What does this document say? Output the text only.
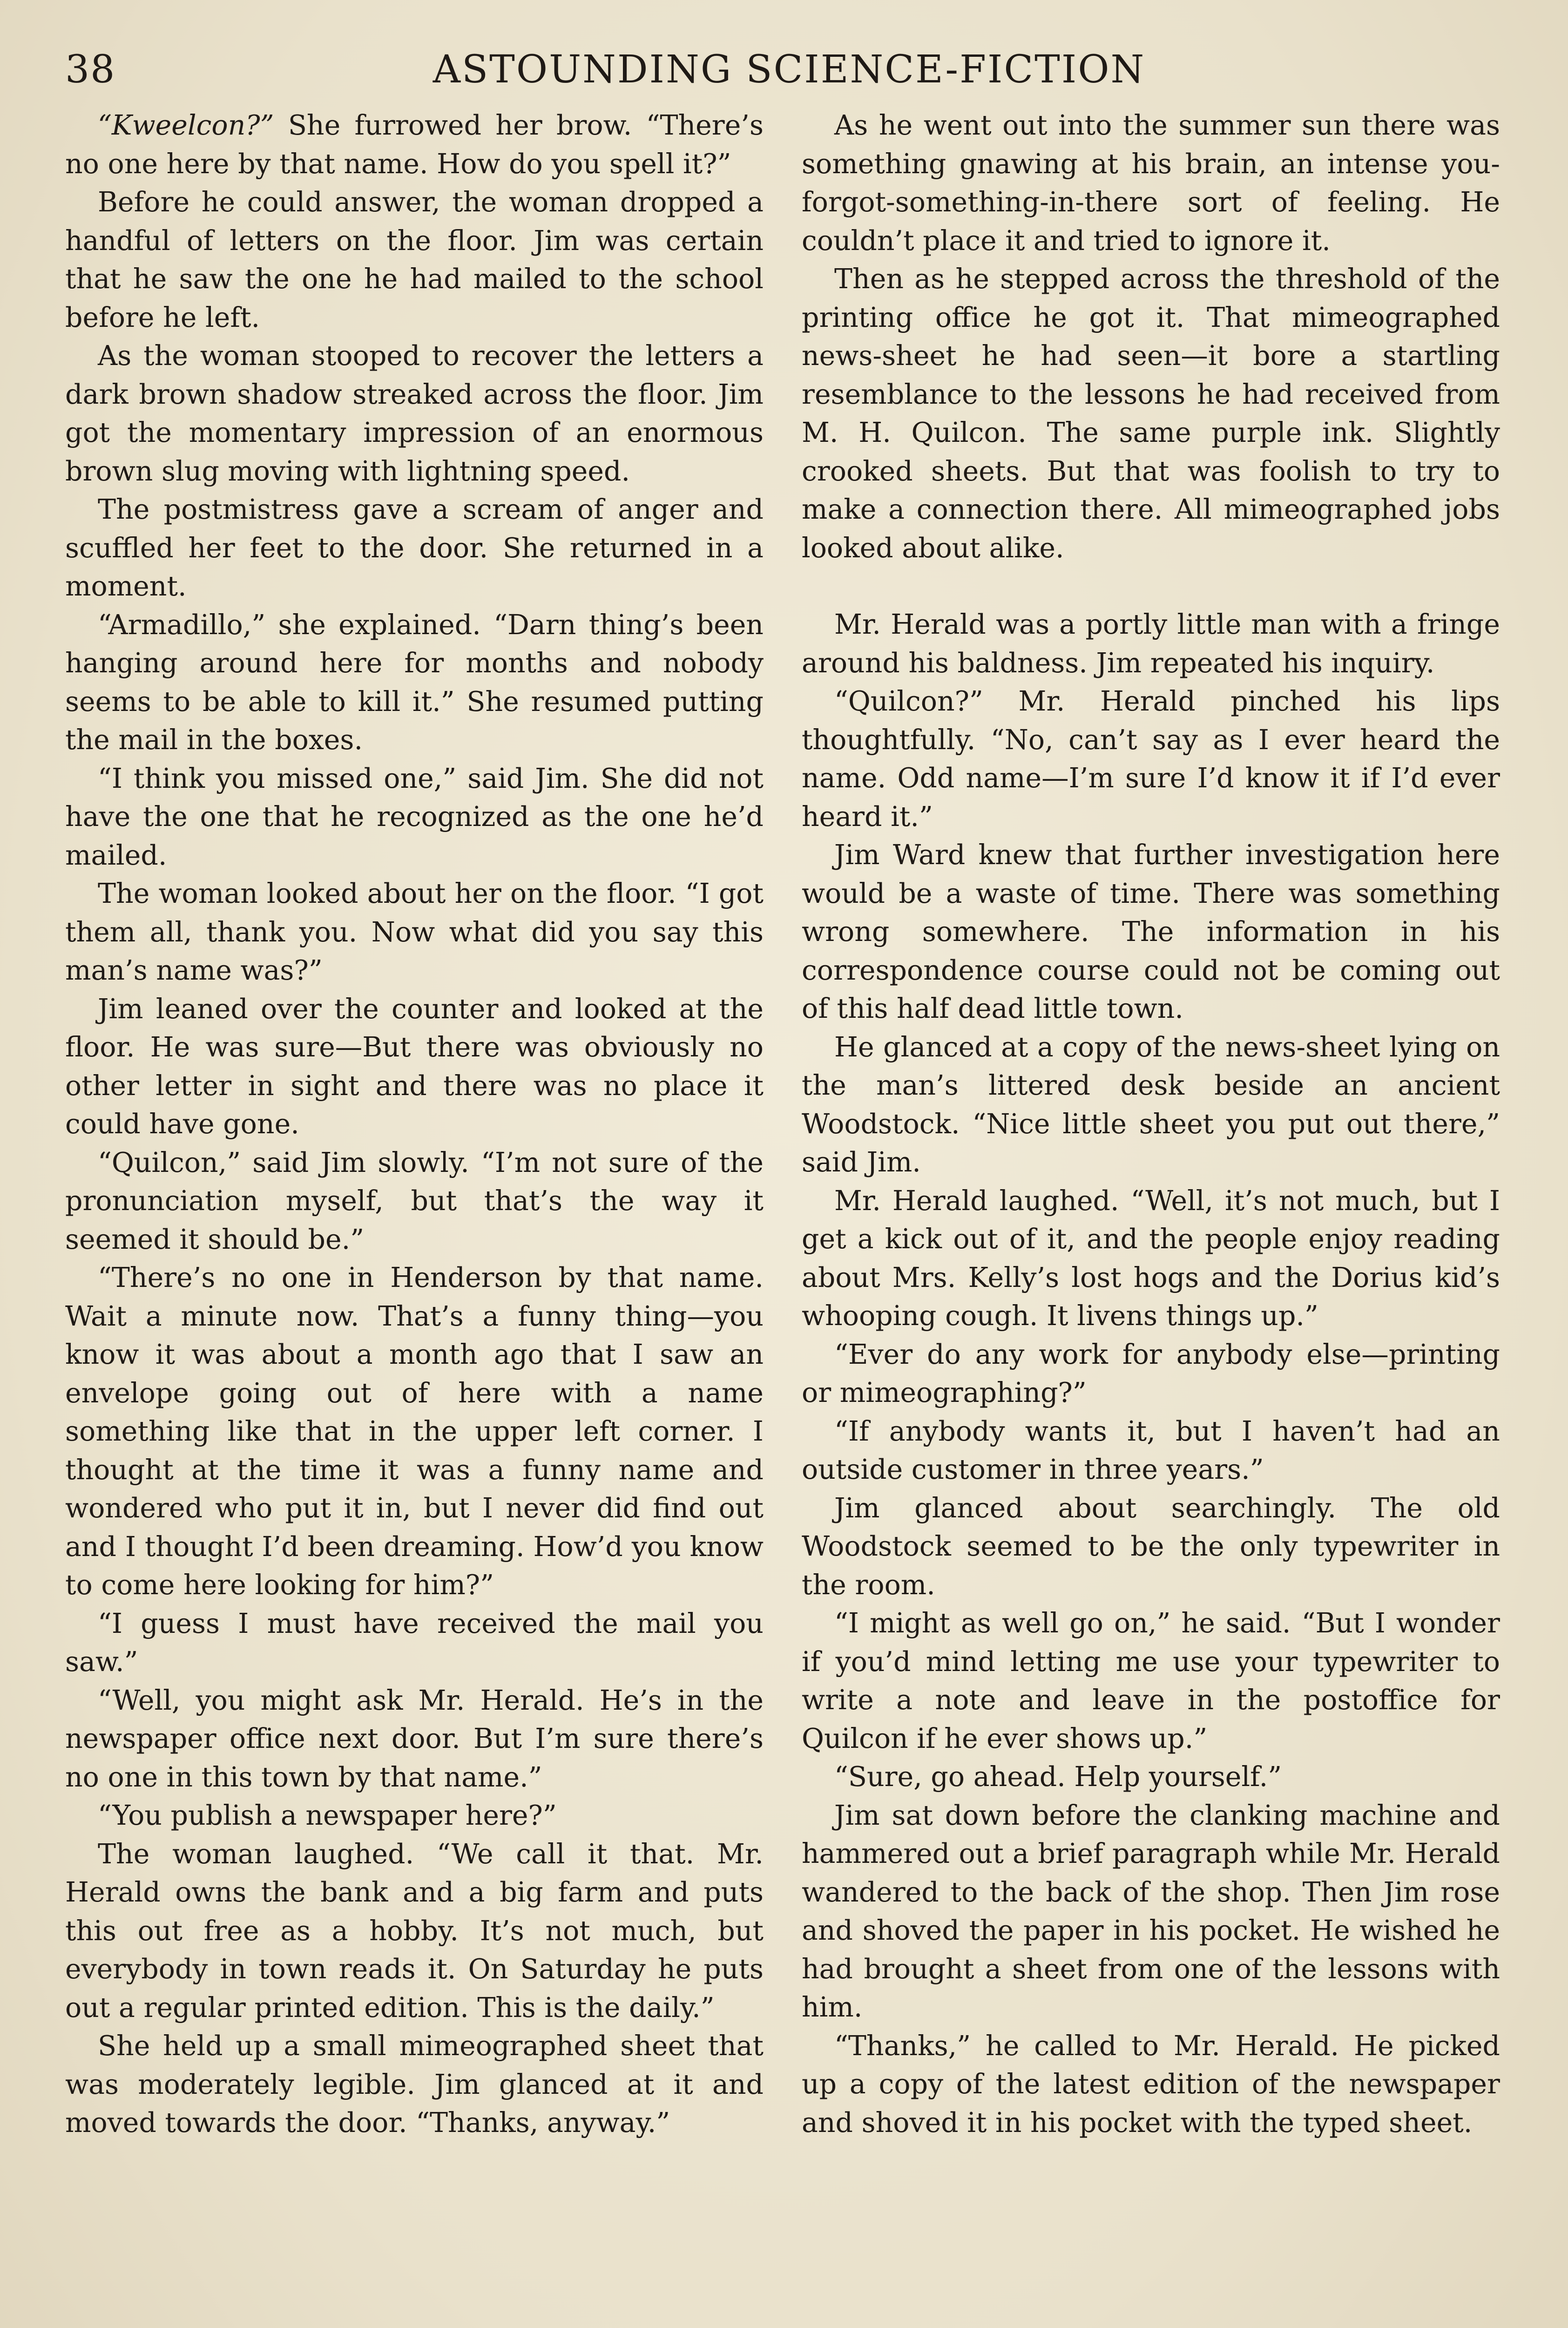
38	ASTOUNDING SCIENCE-FICTION

“Kweelcon?” She furrowed her brow. “There’s no one here by that name. How do you spell it?”

Before he could answer, the woman dropped a handful of letters on the floor. Jim was certain that he saw the one he had mailed to the school before he left.

As the woman stooped to recover the letters a dark brown shadow streaked across the floor. Jim got the momentary impression of an enormous brown slug moving with lightning speed.

The postmistress gave a scream of anger and scuffled her feet to the door. She returned in a moment.

“Armadillo,” she explained. “Darn thing’s been hanging around here for months and nobody seems to be able to kill it.” She resumed putting the mail in the boxes.

“I think you missed one,” said Jim. She did not have the one that he recognized as the one he’d mailed.

The woman looked about her on the floor. “I got them all, thank you. Now what did you say this man’s name was?”

Jim leaned over the counter and looked at the floor. He was sure—But there was obviously no other letter in sight and there was no place it could have gone.

“Quilcon,” said Jim slowly. “I’m not sure of the pronunciation myself, but that’s the way it seemed it should be.”

“There’s no one in Henderson by that name. Wait a minute now. That’s a funny thing—you know it was about a month ago that I saw an envelope going out of here with a name something like that in the upper left corner. I thought at the time it was a funny name and wondered who put it in, but I never did find out and I thought I’d been dreaming. How’d you know to come here looking for him?”

“I guess I must have received the mail you saw.”

“Well, you might ask Mr. Herald. He’s in the newspaper office next door. But I’m sure there’s no one in this town by that name.”

“You publish a newspaper here?”

The woman laughed. “We call it that. Mr. Herald owns the bank and a big farm and puts this out free as a hobby. It’s not much, but everybody in town reads it. On Saturday he puts out a regular printed edition. This is the daily.”

She held up a small mimeographed sheet that was moderately legible. Jim glanced at it and moved towards the door. “Thanks, anyway.”

As he went out into the summer sun there was something gnawing at his brain, an intense you-forgot-something-in-there sort of feeling. He couldn’t place it and tried to ignore it.

Then as he stepped across the threshold of the printing office he got it. That mimeographed news-sheet he had seen—it bore a startling resemblance to the lessons he had received from M. H. Quilcon. The same purple ink. Slightly crooked sheets. But that was foolish to try to make a connection there. All mimeographed jobs looked about alike.

Mr. Herald was a portly little man with a fringe around his baldness. Jim repeated his inquiry.

“Quilcon?” Mr. Herald pinched his lips thoughtfully. “No, can’t say as I ever heard the name. Odd name—I’m sure I’d know it if I’d ever heard it.”

Jim Ward knew that further investigation here would be a waste of time. There was something wrong somewhere. The information in his correspondence course could not be coming out of this half dead little town.

He glanced at a copy of the news-sheet lying on the man’s littered desk beside an ancient Woodstock. “Nice little sheet you put out there,” said Jim.

Mr. Herald laughed. “Well, it’s not much, but I get a kick out of it, and the people enjoy reading about Mrs. Kelly’s lost hogs and the Dorius kid’s whooping cough. It livens things up.”

“Ever do any work for anybody else—printing or mimeographing?”

“If anybody wants it, but I haven’t had an outside customer in three years.”

Jim glanced about searchingly. The old Woodstock seemed to be the only typewriter in the room.

“I might as well go on,” he said. “But I wonder if you’d mind letting me use your typewriter to write a note and leave in the postoffice for Quilcon if he ever shows up.”

“Sure, go ahead. Help yourself.”

Jim sat down before the clanking machine and hammered out a brief paragraph while Mr. Herald wandered to the back of the shop. Then Jim rose and shoved the paper in his pocket. He wished he had brought a sheet from one of the lessons with him.

“Thanks,” he called to Mr. Herald. He picked up a copy of the latest edition of the newspaper and shoved it in his pocket with the typed sheet.
